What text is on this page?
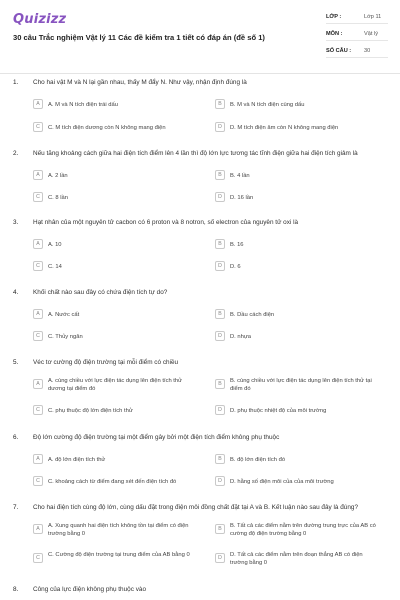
Quizizz
30 câu Trắc nghiệm Vật lý 11 Các đề kiểm tra 1 tiết có đáp án (đề số 1)
LỚP :	Lớp 11
MÔN :	Vật lý
SỐ CÂU : 30
1. Cho hai vật M và N lại gần nhau, thấy M đẩy N. Như vậy, nhận định đúng là
A	A. M và N tích điện trái dấu	B	B. M và N tích điện cùng dấu
C	C. M tích điện dương còn N không mang điện	D	D. M tích điện âm còn N không mang điện
2. Nếu tăng khoảng cách giữa hai điện tích điểm lên 4 lần thì độ lớn lực tương tác tĩnh điện giữa hai điện tích giảm là
A	A. 2 lần	B	B. 4 lần
C	C. 8 lần	D	D. 16 lần
3. Hạt nhân của một nguyên tử cacbon có 6 proton và 8 notron, số electron của nguyên tử oxi là
A	A. 10	B	B. 16
C	C. 14	D	D. 6
4. Khối chất nào sau đây có chứa điện tích tự do?
A	A. Nước cất	B	B. Dầu cách điện
C	C. Thủy ngân	D	D. nhựa
5. Véc tơ cường độ điện trường tại mỗi điểm có chiều
A	A. cùng chiều với lực điện tác dụng lên điện tích thử dương tại điểm đó
B	B. cùng chiều với lực điện tác dụng lên điện tích thử tại điểm đó
C	C. phụ thuộc độ lớn điện tích thử	D	D. phụ thuộc nhiệt độ của môi trường
6. Độ lớn cường độ điện trường tại một điểm gây bởi một điện tích điểm không phụ thuộc
A	A. độ lớn điện tích thử	B	B. độ lớn điện tích đó
C	C. khoảng cách từ điểm đang xét đến điện tích đó	D	D. hằng số điện môi của của môi trường
7. Cho hai điện tích cùng độ lớn, cùng dấu đặt trong điện môi đồng chất đặt tại A và B. Kết luận nào sau đây là đúng?
A	A. Xung quanh hai điện tích không tồn tại điểm có điện trường bằng 0
B	B. Tất cả các điểm nằm trên đường trung trực của AB có cường độ điện trường bằng 0
C	C. Cường độ điện trường tại trung điểm của AB bằng 0	D	D. Tất cả các điểm nằm trên đoạn thẳng AB có điện trường bằng 0
8. Công của lực điện không phụ thuộc vào
